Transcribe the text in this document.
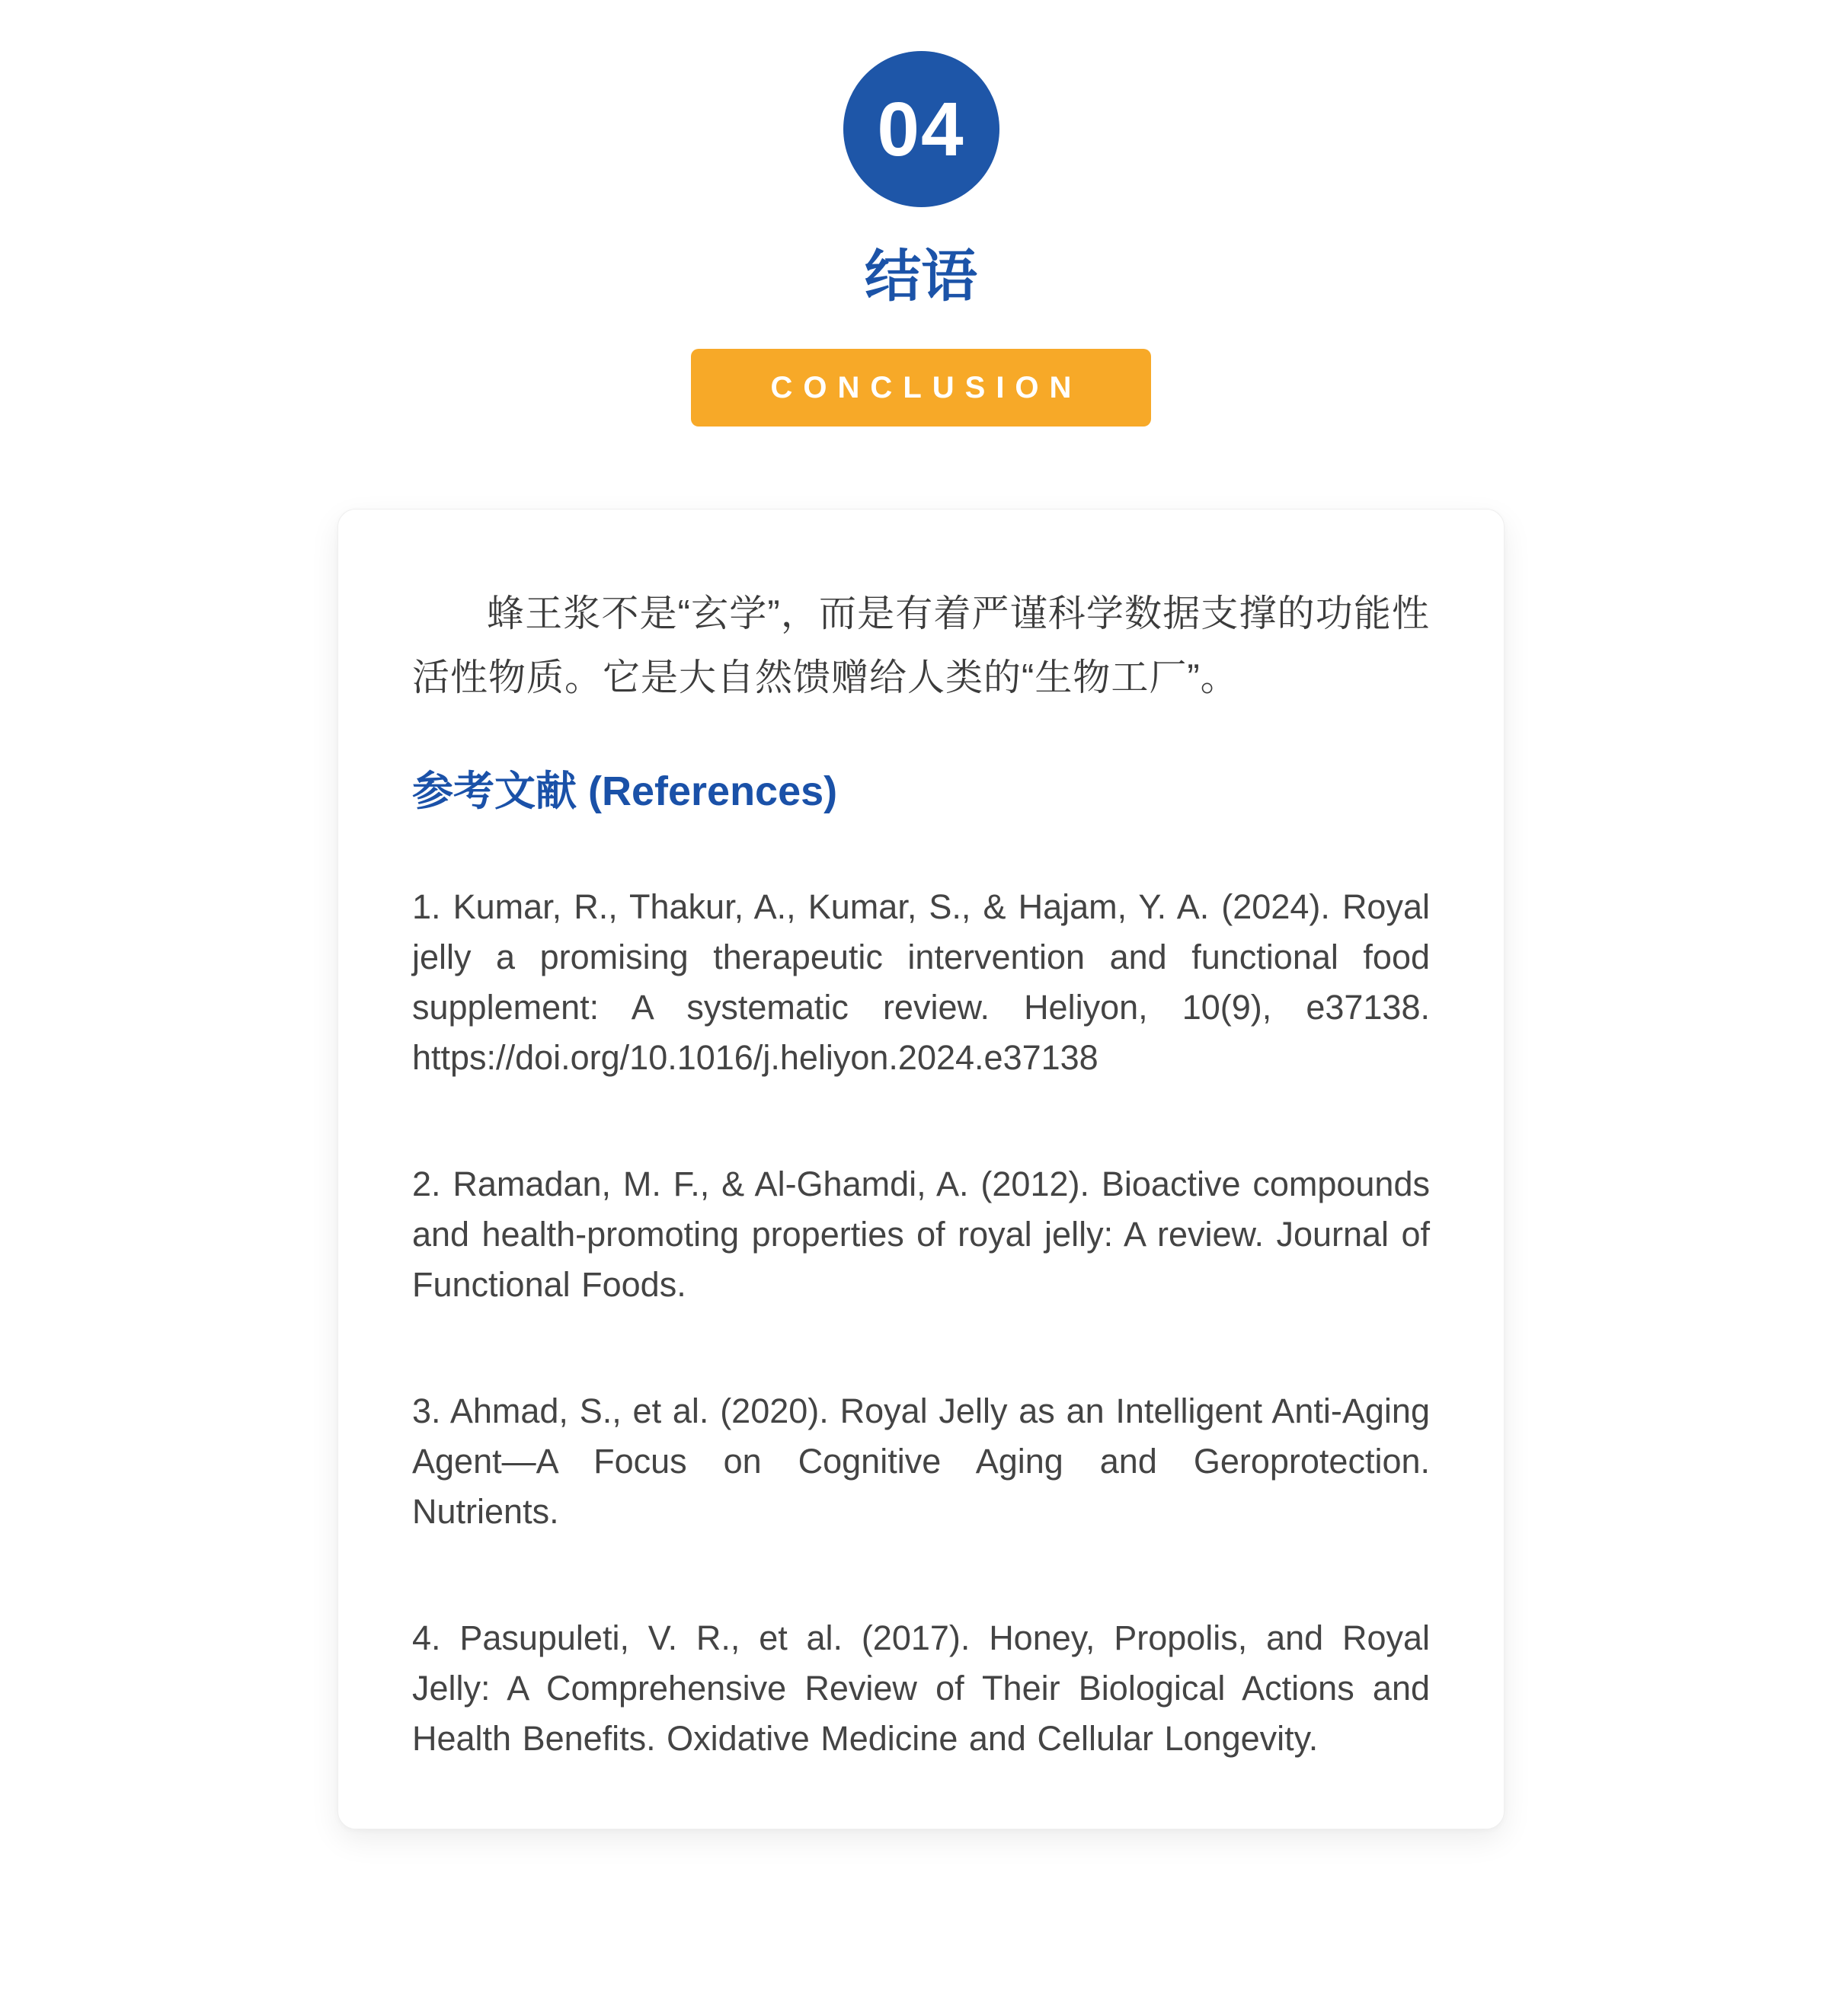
04
结语
CONCLUSION

蜂王浆不是“玄学”，而是有着严谨科学数据支撑的功能性活性物质。它是大自然馈赠给人类的“生物工厂”。

参考文献 (References)

1. Kumar, R., Thakur, A., Kumar, S., & Hajam, Y. A. (2024). Royal jelly a promising therapeutic intervention and functional food supplement: A systematic review. Heliyon, 10(9), e37138. https://doi.org/10.1016/j.heliyon.2024.e37138

2. Ramadan, M. F., & Al-Ghamdi, A. (2012). Bioactive compounds and health-promoting properties of royal jelly: A review. Journal of Functional Foods.

3. Ahmad, S., et al. (2020). Royal Jelly as an Intelligent Anti-Aging Agent—A Focus on Cognitive Aging and Geroprotection. Nutrients.

4. Pasupuleti, V. R., et al. (2017). Honey, Propolis, and Royal Jelly: A Comprehensive Review of Their Biological Actions and Health Benefits. Oxidative Medicine and Cellular Longevity.
